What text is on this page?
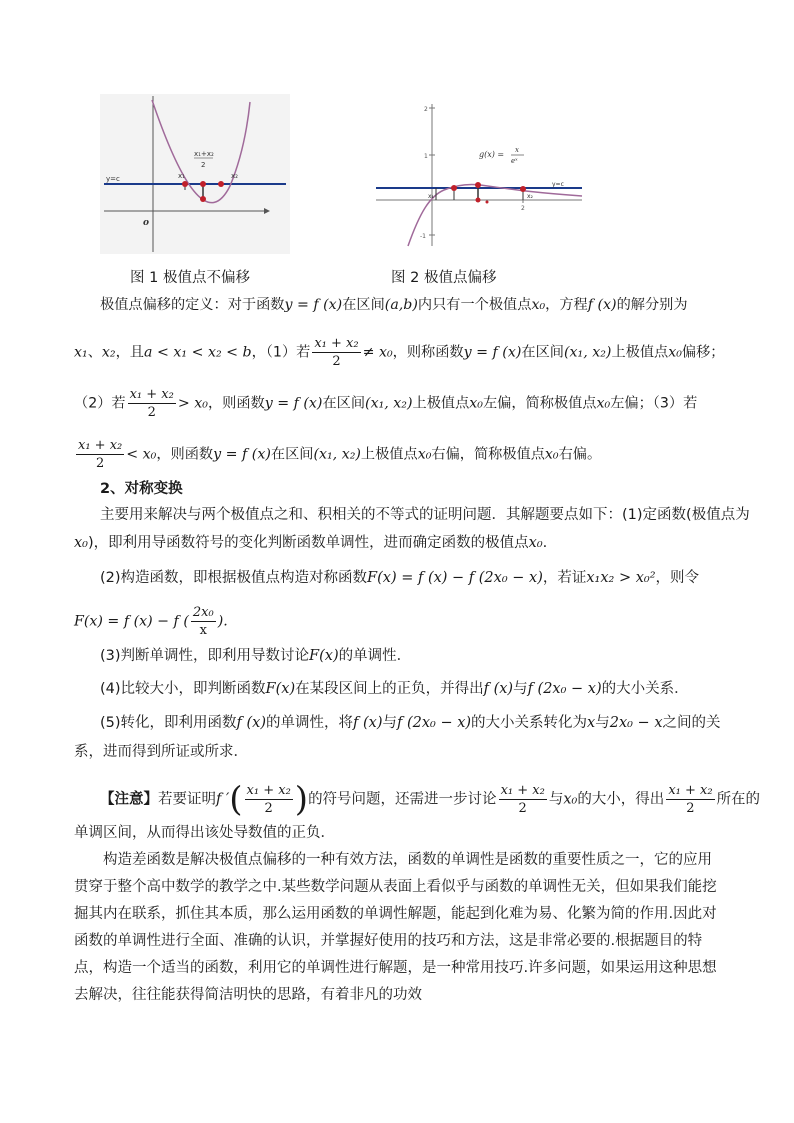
y=c	x₁	x₂
x₁+x₂
2
o
图 1 极值点不偏移
2
1
-1
2
g(x) = x
eˣ
y=c
x₁	x₂
图 2 极值点偏移
极值点偏移的定义：对于函数y = f (x)在区间(a,b)内只有一个极值点x₀，方程f (x)的解分别为
x₁、x₂，且a < x₁ < x₂ < b，（1）若 $\frac{\text{x₁ + x₂}}{2} \ne x_0$，则称函数y = f (x)在区间(x₁, x₂)上极值点x₀偏移；
（2）若 $\frac{\text{x₁ + x₂}}{2} > x_0$，则函数y = f (x)在区间(x₁, x₂)上极值点x₀左偏，简称极值点x₀左偏；（3）若
$\frac{\text{x₁ + x₂}}{2} < x_0$，则函数y = f (x)在区间(x₁, x₂)上极值点x₀右偏，简称极值点x₀右偏。
2、对称变换
主要用来解决与两个极值点之和、积相关的不等式的证明问题．其解题要点如下：(1)定函数(极值点为
x₀)，即利用导函数符号的变化判断函数单调性，进而确定函数的极值点x₀.
(2)构造函数，即根据极值点构造对称函数F(x) = f (x) − f (2x₀ − x)，若证x₁x₂ > x₀²，则令
F(x) = f (x) − f ( $\frac{\text{2x₀}}{x}$ ).
(3)判断单调性，即利用导数讨论F(x)的单调性．
(4)比较大小，即判断函数F(x)在某段区间上的正负，并得出f (x)与f (2x₀ − x)的大小关系．
(5)转化，即利用函数f (x)的单调性，将f (x)与f (2x₀ − x)的大小关系转化为x与2x₀ − x之间的关
系，进而得到所证或所求．
【注意】若要证明f ′( $\frac{\text{x₁ + x₂}}{2}$ )的符号问题，还需进一步讨论 $\frac{\text{x₁ + x₂}}{2}$ 与x₀的大小，得出 $\frac{\text{x₁ + x₂}}{2}$ 所在的
单调区间，从而得出该处导数值的正负．
构造差函数是解决极值点偏移的一种有效方法，函数的单调性是函数的重要性质之一，它的应用贯穿于整个高中数学的教学之中.某些数学问题从表面上看似乎与函数的单调性无关，但如果我们能挖掘其内在联系，抓住其本质，那么运用函数的单调性解题，能起到化难为易、化繁为简的作用.因此对函数的单调性进行全面、准确的认识，并掌握好使用的技巧和方法，这是非常必要的.根据题目的特点，构造一个适当的函数，利用它的单调性进行解题，是一种常用技巧.许多问题，如果运用这种思想去解决，往往能获得简洁明快的思路，有着非凡的功效
